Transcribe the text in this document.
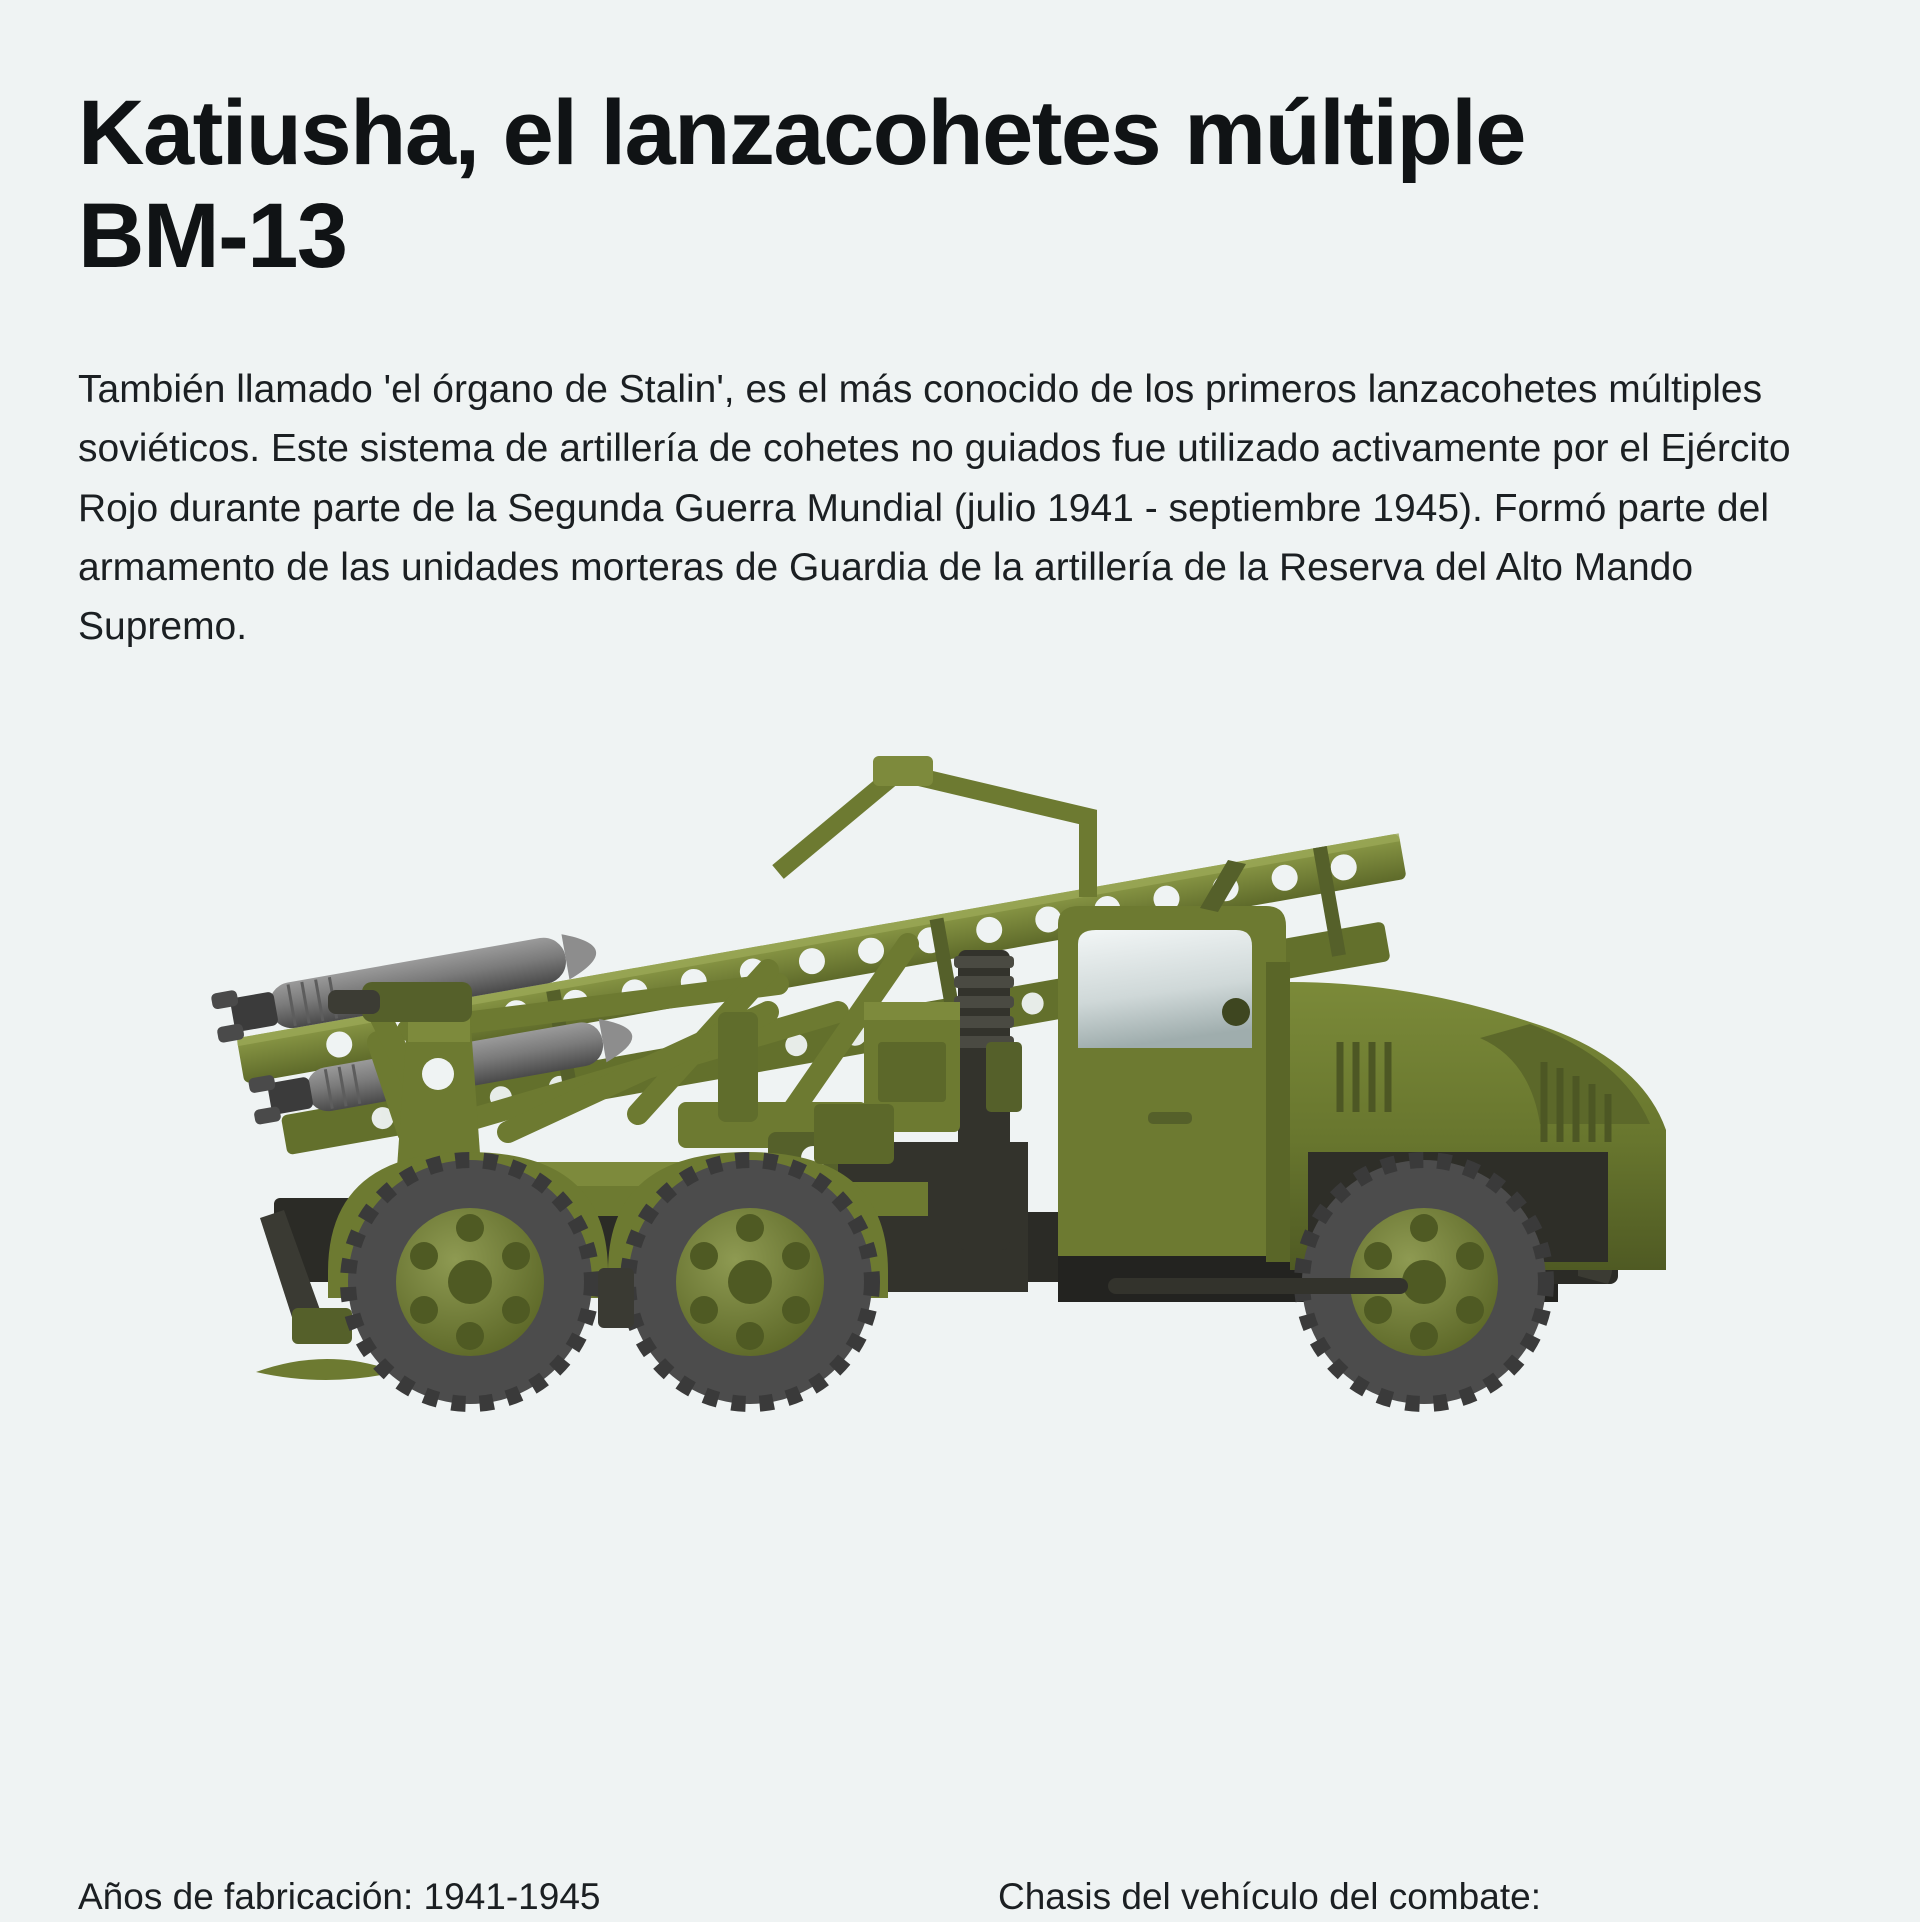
Katiusha, el lanzacohetes múltiple BM-13

También llamado 'el órgano de Stalin', es el más conocido de los primeros lanzacohetes múltiples soviéticos. Este sistema de artillería de cohetes no guiados fue utilizado activamente por el Ejército Rojo durante parte de la Segunda Guerra Mundial (julio 1941 - septiembre 1945). Formó parte del armamento de las unidades morteras de Guardia de la artillería de la Reserva del Alto Mando Supremo.

Años de fabricación: 1941-1945	Chasis del vehículo del combate:
